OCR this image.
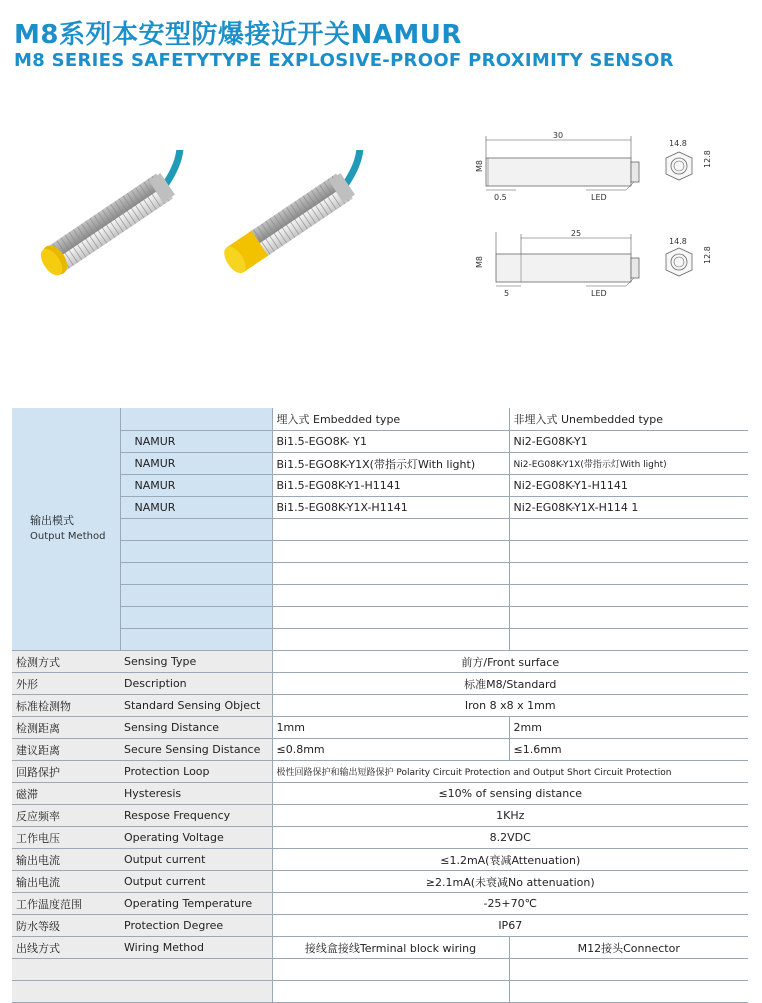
M8系列本安型防爆接近开关NAMUR
M8 SERIES SAFETYTYPE EXPLOSIVE-PROOF PROXIMITY SENSOR
30
M8
0.5	LED
14.8
12.8
25
M8
5	LED
14.8
12.8
输出模式
Output Method		埋入式 Embedded type	非埋入式 Unembedded type
	NAMUR	Bi1.5-EGO8K- Y1	Ni2-EG08K-Y1
	NAMUR	Bi1.5-EGO8K-Y1X(带指示灯With light)	Ni2-EG08K-Y1X(带指示灯With light)
	NAMUR	Bi1.5-EG08K-Y1-H1141	Ni2-EG08K-Y1-H1141
	NAMUR	Bi1.5-EG08K-Y1X-H1141	Ni2-EG08K-Y1X-H114 1

检测方式	Sensing Type	前方/Front surface	
外形	Description	标准M8/Standard	
标准检测物	Standard Sensing Object	Iron 8 x8 x 1mm	
检测距离	Sensing Distance	1mm	2mm
建议距离	Secure Sensing Distance	≤0.8mm	≤1.6mm
回路保护	Protection Loop	极性回路保护和输出短路保护 Polarity Circuit Protection and Output Short Circuit Protection	
磁滞	Hysteresis	≤10% of sensing distance	
反应频率	Respose Frequency	1KHz	
工作电压	Operating Voltage	8.2VDC	
输出电流	Output current	≤1.2mA(衰减Attenuation)	
输出电流	Output current	≥2.1mA(未衰减No attenuation)	
工作温度范围	Operating Temperature	-25+70℃	
防水等级	Protection Degree	IP67	
出线方式	Wiring Method	接线盒接线Terminal block wiring	M12接头Connector
